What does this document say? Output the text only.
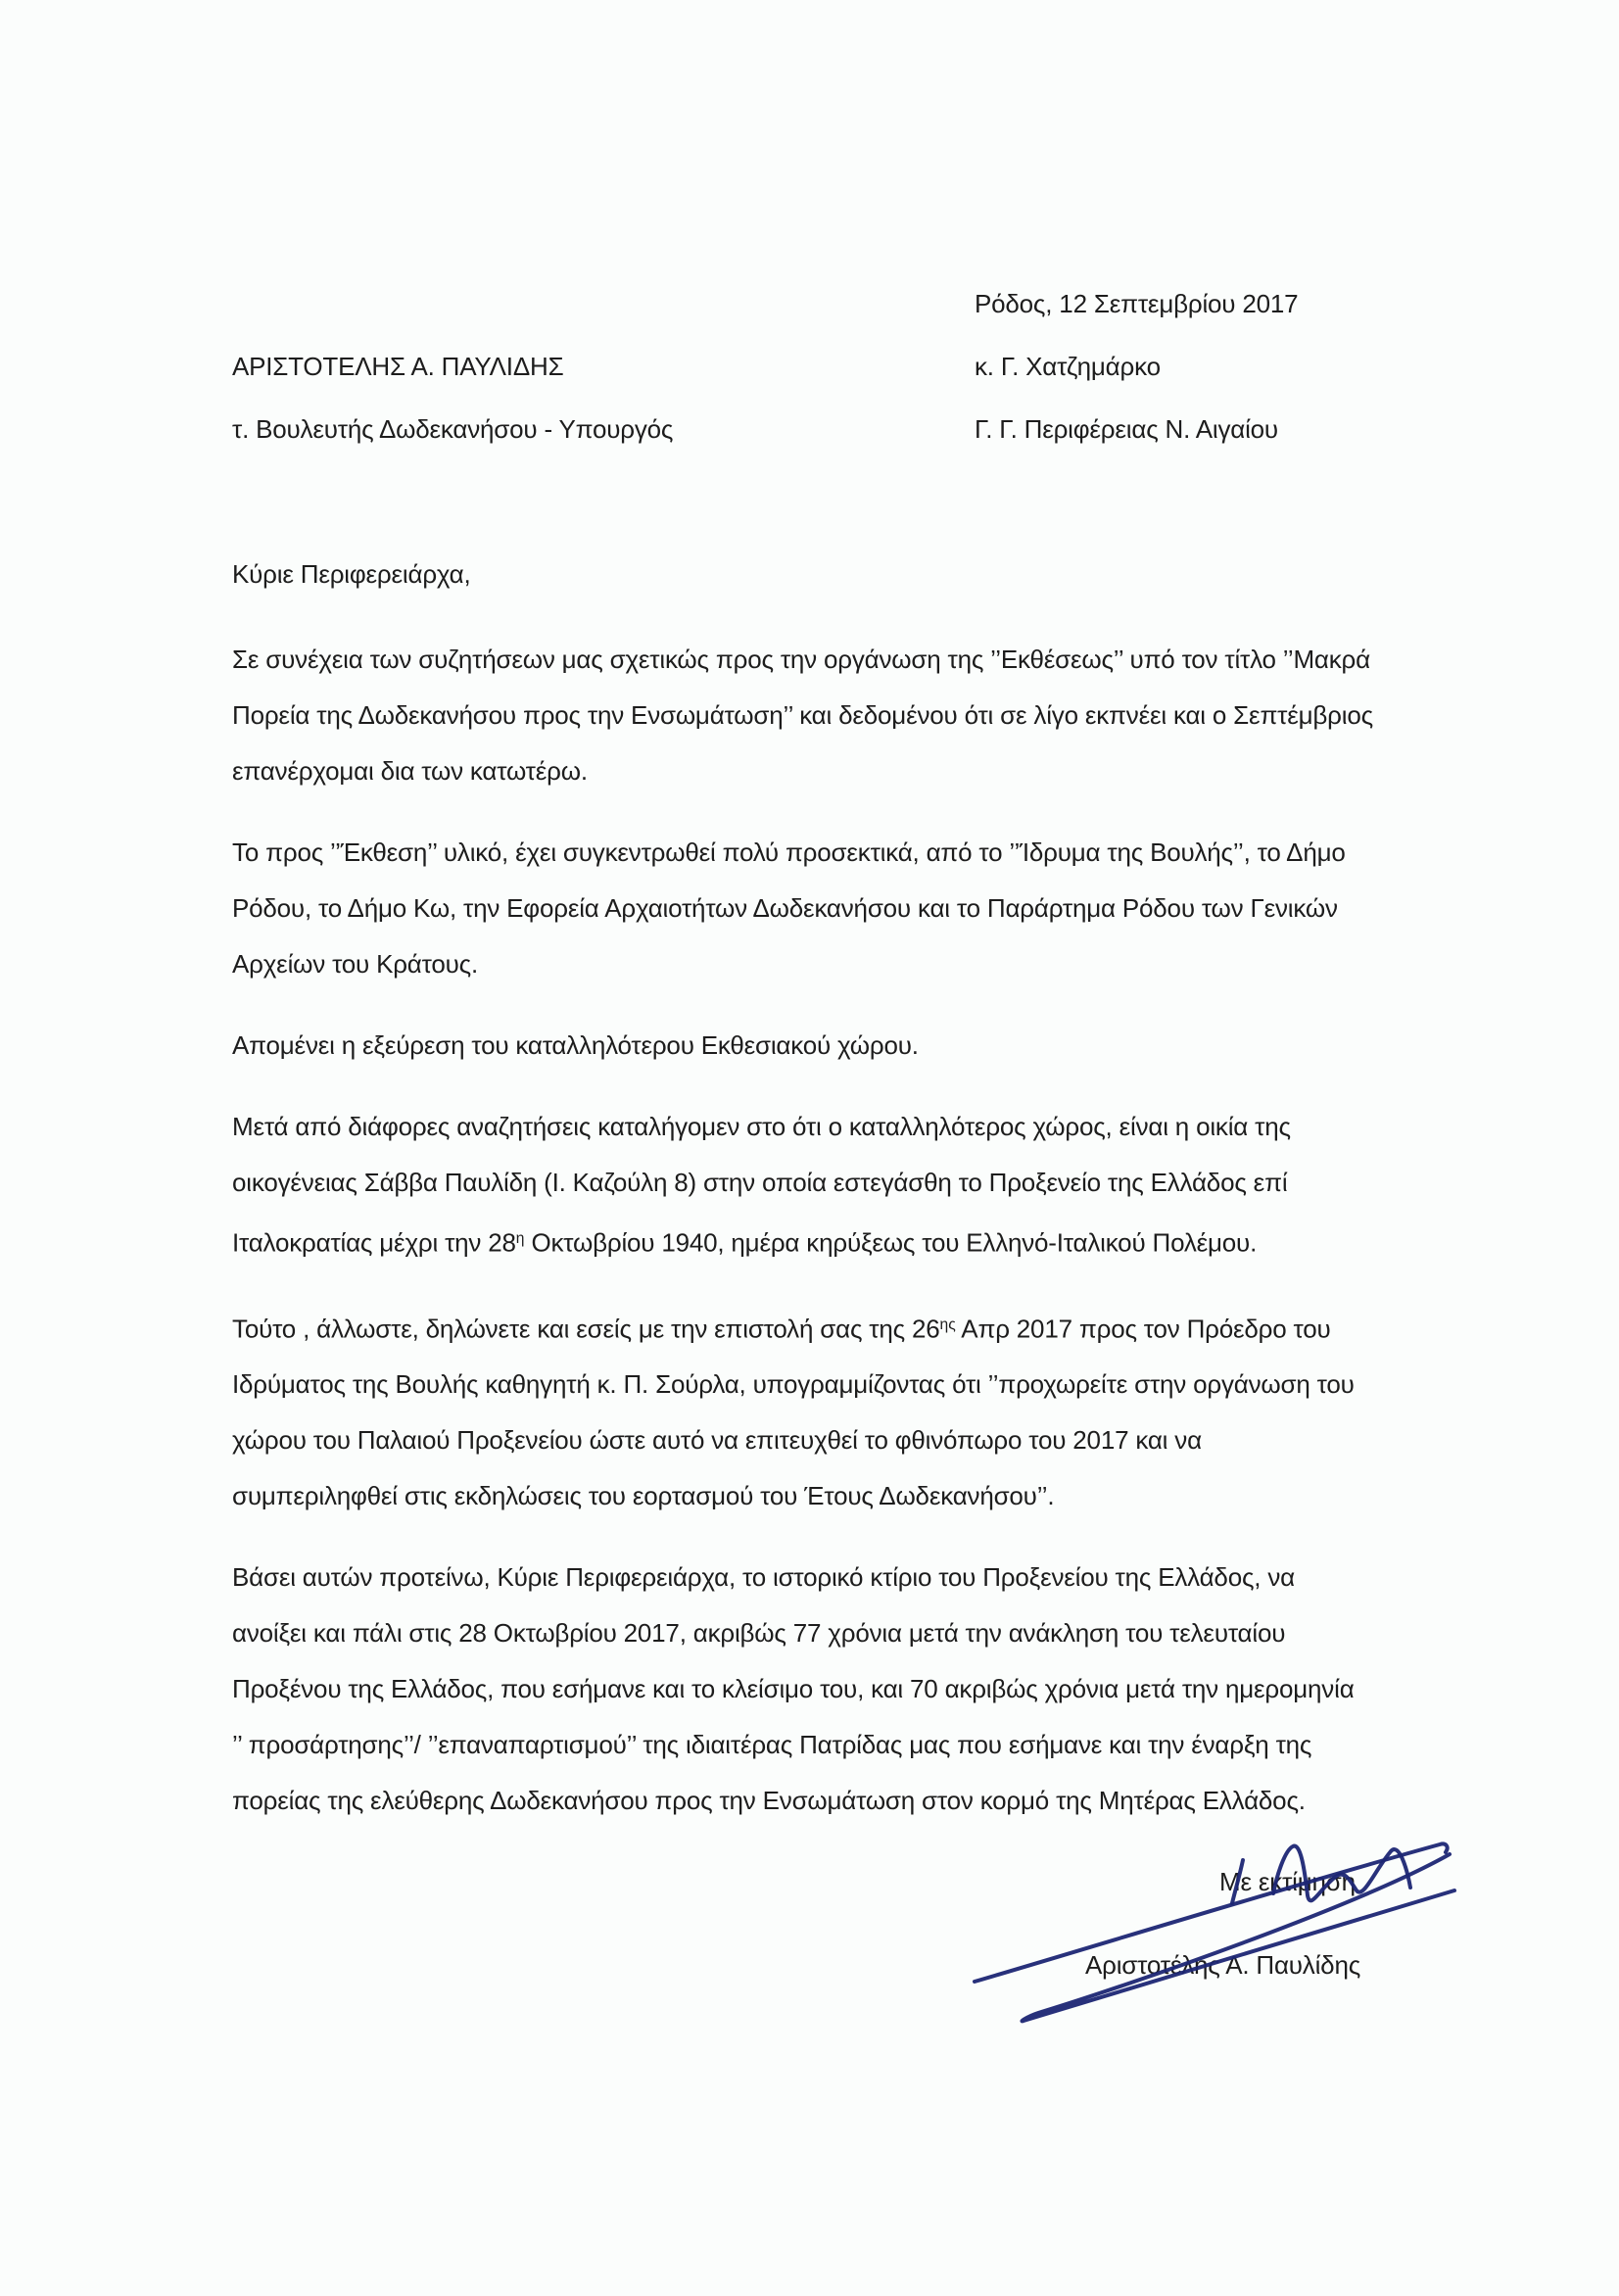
Ρόδος, 12 Σεπτεμβρίου 2017
ΑΡΙΣΤΟΤΕΛΗΣ Α. ΠΑΥΛΙΔΗΣ	κ. Γ. Χατζημάρκο
τ. Βουλευτής Δωδεκανήσου - Υπουργός	Γ. Γ. Περιφέρειας Ν. Αιγαίου
Κύριε Περιφερειάρχα,
Σε συνέχεια των συζητήσεων μας σχετικώς προς την οργάνωση της ’’Εκθέσεως’’ υπό τον τίτλο ’’Μακρά
Πορεία της Δωδεκανήσου προς την Ενσωμάτωση’’ και δεδομένου ότι σε λίγο εκπνέει και ο Σεπτέμβριος
επανέρχομαι δια των κατωτέρω.
Το προς ’’Έκθεση’’ υλικό, έχει συγκεντρωθεί πολύ προσεκτικά, από το ’’Ίδρυμα της Βουλής’’, το Δήμο
Ρόδου, το Δήμο Κω, την Εφορεία Αρχαιοτήτων Δωδεκανήσου και το Παράρτημα Ρόδου των Γενικών
Αρχείων του Κράτους.
Απομένει η εξεύρεση του καταλληλότερου Εκθεσιακού χώρου.
Μετά από διάφορες αναζητήσεις καταλήγομεν στο ότι ο καταλληλότερος χώρος, είναι η οικία της
οικογένειας Σάββα Παυλίδη (Ι. Καζούλη 8) στην οποία εστεγάσθη το Προξενείο της Ελλάδος επί
Ιταλοκρατίας μέχρι την $28^\eta$ Οκτωβρίου 1940, ημέρα κηρύξεως του Ελληνό-Ιταλικού Πολέμου.
Τούτο , άλλωστε, δηλώνετε και εσείς με την επιστολή σας της $26^{\eta\varsigma}$ Απρ 2017 προς τον Πρόεδρο του
Ιδρύματος της Βουλής καθηγητή κ. Π. Σούρλα, υπογραμμίζοντας ότι ’’προχωρείτε στην οργάνωση του
χώρου του Παλαιού Προξενείου ώστε αυτό να επιτευχθεί το φθινόπωρο του 2017 και να
συμπεριληφθεί στις εκδηλώσεις του εορτασμού του Έτους Δωδεκανήσου’’.
Βάσει αυτών προτείνω, Κύριε Περιφερειάρχα, το ιστορικό κτίριο του Προξενείου της Ελλάδος, να
ανοίξει και πάλι στις 28 Οκτωβρίου 2017, ακριβώς 77 χρόνια μετά την ανάκληση του τελευταίου
Προξένου της Ελλάδος, που εσήμανε και το κλείσιμο του, και 70 ακριβώς χρόνια μετά την ημερομηνία
’’ προσάρτησης’’/ ’’επαναπαρτισμού’’ της ιδιαιτέρας Πατρίδας μας που εσήμανε και την έναρξη της
πορείας της ελεύθερης Δωδεκανήσου προς την Ενσωμάτωση στον κορμό της Μητέρας Ελλάδος.
Με εκτίμηση
Αριστοτέλης Α. Παυλίδης
